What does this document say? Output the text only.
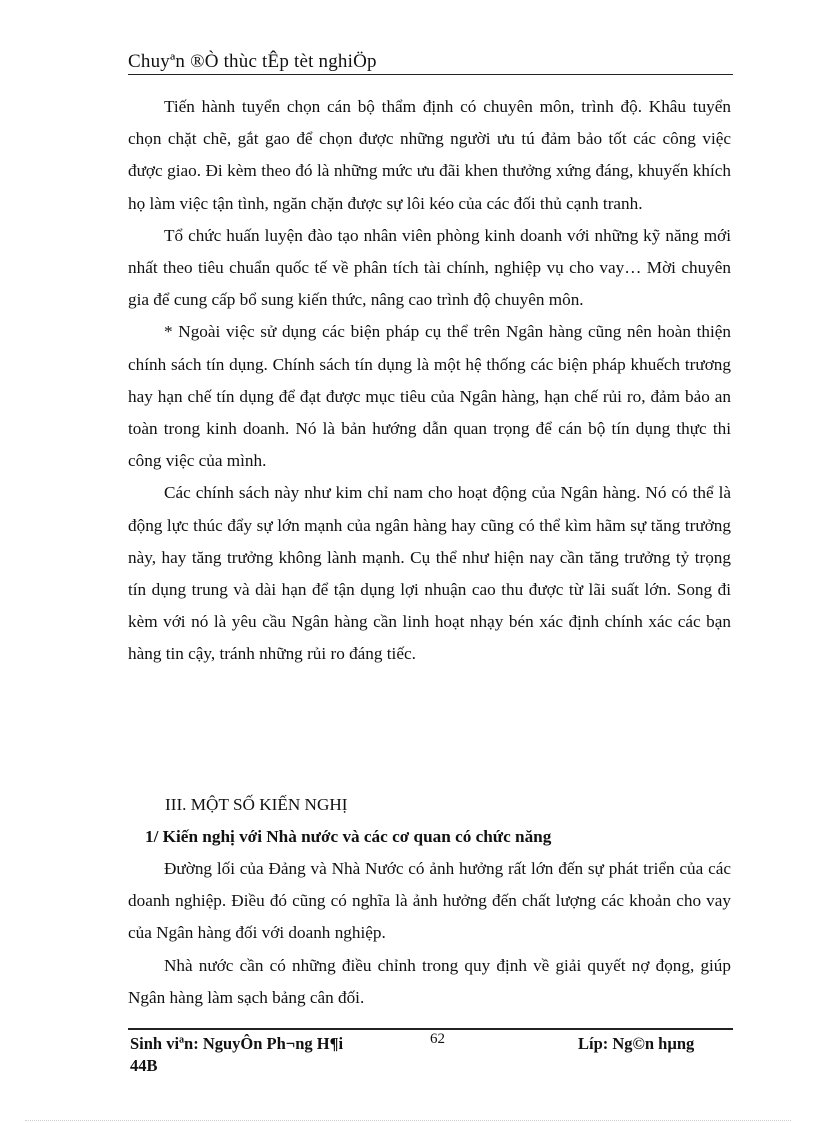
Chuyªn ®Ò thùc tÊp tèt nghiÖp

Tiến hành tuyển chọn cán bộ thẩm định có chuyên môn, trình độ. Khâu tuyển chọn chặt chẽ, gắt gao để chọn được những người ưu tú đảm bảo tốt các công việc được giao. Đi kèm theo đó là những mức ưu đãi khen thưởng xứng đáng, khuyến khích họ làm việc tận tình, ngăn chặn được sự lôi kéo của các đối thủ cạnh tranh.

Tổ chức huấn luyện đào tạo nhân viên phòng kinh doanh với những kỹ năng mới nhất theo tiêu chuẩn quốc tế về phân tích tài chính, nghiệp vụ cho vay… Mời chuyên gia để cung cấp bổ sung kiến thức, nâng cao trình độ chuyên môn.

* Ngoài việc sử dụng các biện pháp cụ thể trên Ngân hàng cũng nên hoàn thiện chính sách tín dụng. Chính sách tín dụng là một hệ thống các biện pháp khuếch trương hay hạn chế tín dụng để đạt được mục tiêu của Ngân hàng, hạn chế rủi ro, đảm bảo an toàn trong kinh doanh. Nó là bản hướng dẫn quan trọng để cán bộ tín dụng thực thi công việc của mình.

Các chính sách này như kim chỉ nam cho hoạt động của Ngân hàng. Nó có thể là động lực thúc đẩy sự lớn mạnh của ngân hàng hay cũng có thể kìm hãm sự tăng trưởng này, hay tăng trưởng không lành mạnh. Cụ thể như hiện nay cần tăng trưởng tỷ trọng tín dụng trung và dài hạn để tận dụng lợi nhuận cao thu được từ lãi suất lớn. Song đi kèm với nó là yêu cầu Ngân hàng cần linh hoạt nhạy bén xác định chính xác các bạn hàng tin cậy, tránh những rủi ro đáng tiếc.

III. MỘT SỐ KIẾN NGHỊ
1/ Kiến nghị với Nhà nước và các cơ quan có chức năng

Đường lối của Đảng và Nhà Nước có ảnh hưởng rất lớn đến sự phát triển của các doanh nghiệp. Điều đó cũng có nghĩa là ảnh hưởng đến chất lượng các khoản cho vay của Ngân hàng đối với doanh nghiệp.

Nhà nước cần có những điều chỉnh trong quy định về giải quyết nợ đọng, giúp Ngân hàng làm sạch bảng cân đối.

Sinh viªn: NguyÔn Ph¬ng H¶i	62	Líp: Ng©n hµng
44B
